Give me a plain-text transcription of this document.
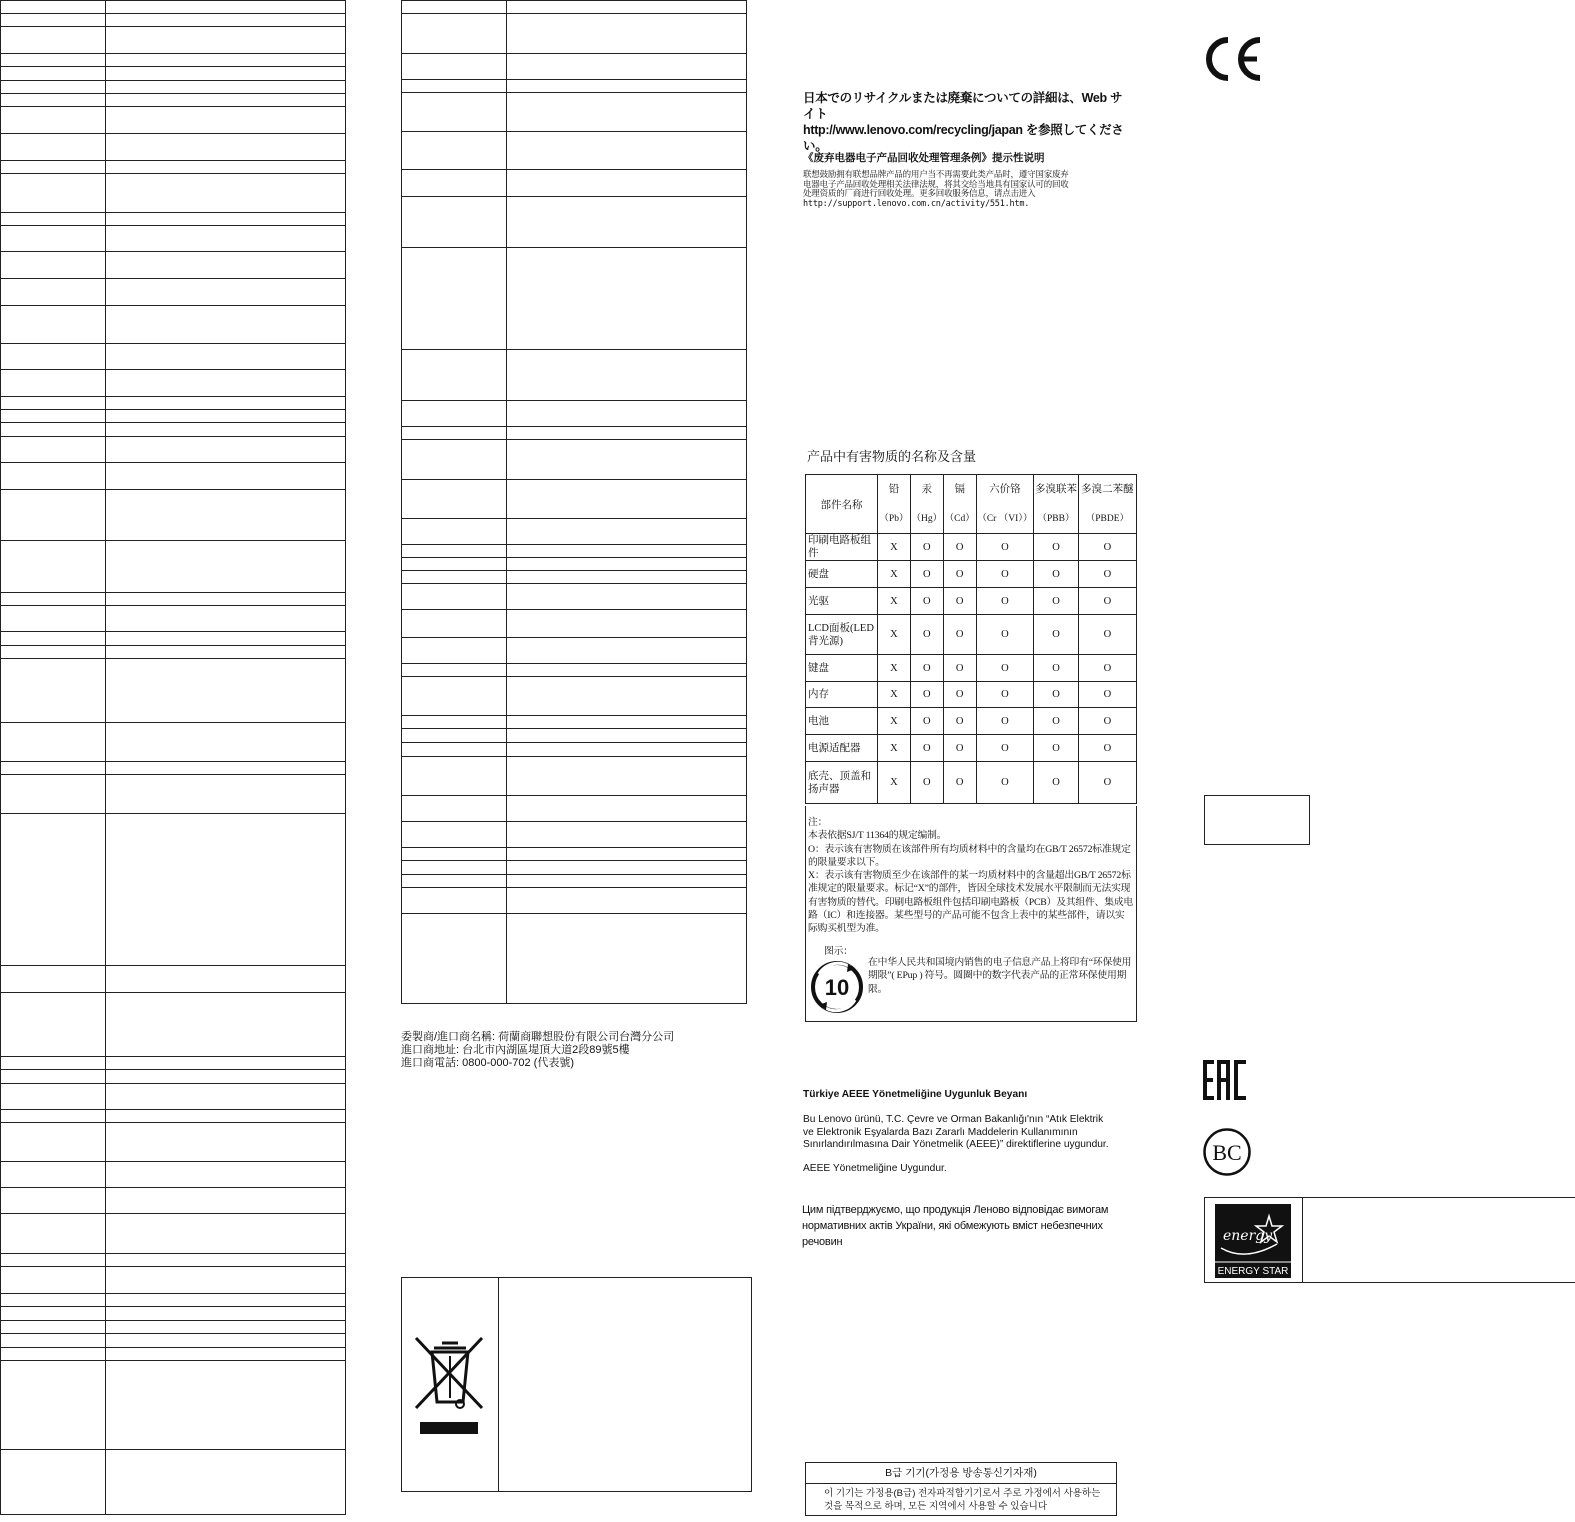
日本でのリサイクルまたは廃棄についての詳細は、Web サイト
http://www.lenovo.com/recycling/japan を参照してください。
《废弃电器电子产品回收处理管理条例》提示性说明
联想鼓励拥有联想品牌产品的用户当不再需要此类产品时，遵守国家废弃
电器电子产品回收处理相关法律法规，将其交给当地具有国家认可的回收
处理资质的厂商进行回收处理。更多回收服务信息，请点击进入
http://support.lenovo.com.cn/activity/551.htm.
产品中有害物质的名称及含量
部件名称	铅	汞	镉	六价铬	多溴联苯	多溴二苯醚
	（Pb）	（Hg）	（Cd）	（Cr （VI））	（PBB）	（PBDE）
印刷电路板组件	X	O	O	O	O	O
硬盘	X	O	O	O	O	O
光驱	X	O	O	O	O	O
LCD面板(LED背光源)	X	O	O	O	O	O
键盘	X	O	O	O	O	O
内存	X	O	O	O	O	O
电池	X	O	O	O	O	O
电源适配器	X	O	O	O	O	O
底壳、顶盖和扬声器	X	O	O	O	O	O
注：
本表依据SJ/T 11364的规定编制。
O：表示该有害物质在该部件所有均质材料中的含量均在GB/T 26572标准规定的限量要求以下。
X：表示该有害物质至少在该部件的某一均质材料中的含量超出GB/T 26572标准规定的限量要求。标记“X”的部件，皆因全球技术发展水平限制而无法实现有害物质的替代。印刷电路板组件包括印刷电路板（PCB）及其组件、集成电路（IC）和连接器。某些型号的产品可能不包含上表中的某些部件，请以实际购买机型为准。
图示：
10
在中华人民共和国境内销售的电子信息产品上将印有“环保使用期限”( EPup ) 符号。圆圈中的数字代表产品的正常环保使用期限。
委製商/進口商名稱: 荷蘭商聯想股份有限公司台灣分公司
進口商地址: 台北市內湖區堤頂大道2段89號5樓
進口商電話: 0800-000-702 (代表號)
Türkiye AEEE Yönetmeliğine Uygunluk Beyanı
Bu Lenovo ürünü, T.C. Çevre ve Orman Bakanlığı'nın “Atık Elektrik
ve Elektronik Eşyalarda Bazı Zararlı Maddelerin Kullanımının
Sınırlandırılmasına Dair Yönetmelik (AEEE)” direktiflerine uygundur.
AEEE Yönetmeliğine Uygundur.
Цим підтверджуємо, що продукція Леново відповідає вимогам
нормативних актів України, які обмежують вміст небезпечних
речовин
B급 기기(가정용 방송통신기자재)
이 기기는 가정용(B급) 전자파적합기기로서 주로 가정에서 사용하는
것을 목적으로 하며, 모든 지역에서 사용할 수 있습니다
BC
energy
ENERGY STAR
